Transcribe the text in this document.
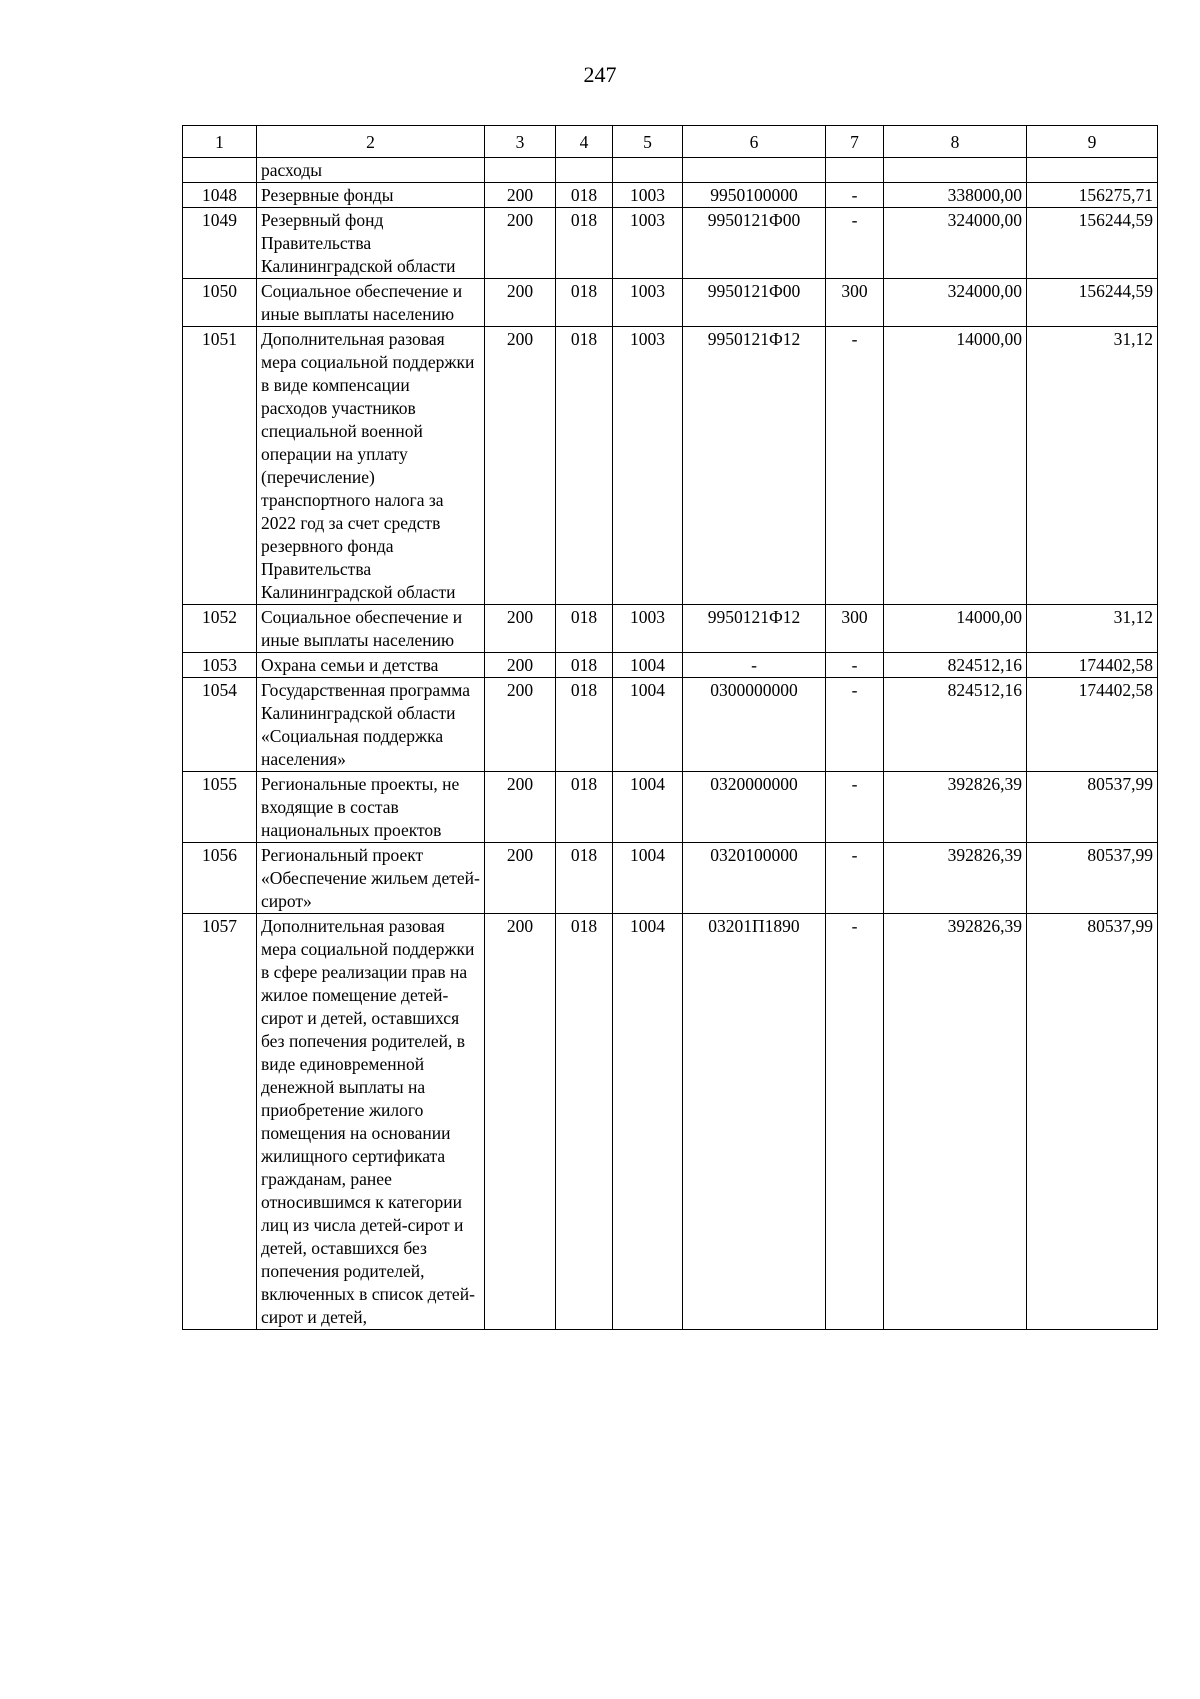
247
1	2	3	4	5	6	7	8	9
	расходы							
1048	Резервные фонды	200	018	1003	9950100000	-	338000,00	156275,71
1049	Резервный фонд Правительства Калининградской области	200	018	1003	9950121Ф00	-	324000,00	156244,59
1050	Социальное обеспечение и иные выплаты населению	200	018	1003	9950121Ф00	300	324000,00	156244,59
1051	Дополнительная разовая мера социальной поддержки в виде компенсации расходов участников специальной военной операции на уплату (перечисление) транспортного налога за 2022 год за счет средств резервного фонда Правительства Калининградской области	200	018	1003	9950121Ф12	-	14000,00	31,12
1052	Социальное обеспечение и иные выплаты населению	200	018	1003	9950121Ф12	300	14000,00	31,12
1053	Охрана семьи и детства	200	018	1004	-	-	824512,16	174402,58
1054	Государственная программа Калининградской области «Социальная поддержка населения»	200	018	1004	0300000000	-	824512,16	174402,58
1055	Региональные проекты, не входящие в состав национальных проектов	200	018	1004	0320000000	-	392826,39	80537,99
1056	Региональный проект «Обеспечение жильем детей-сирот»	200	018	1004	0320100000	-	392826,39	80537,99
1057	Дополнительная разовая мера социальной поддержки в сфере реализации прав на жилое помещение детей-сирот и детей, оставшихся без попечения родителей, в виде единовременной денежной выплаты на приобретение жилого помещения на основании жилищного сертификата гражданам, ранее относившимся к категории лиц из числа детей-сирот и детей, оставшихся без попечения родителей, включенных в список детей-сирот и детей,	200	018	1004	03201П1890	-	392826,39	80537,99
